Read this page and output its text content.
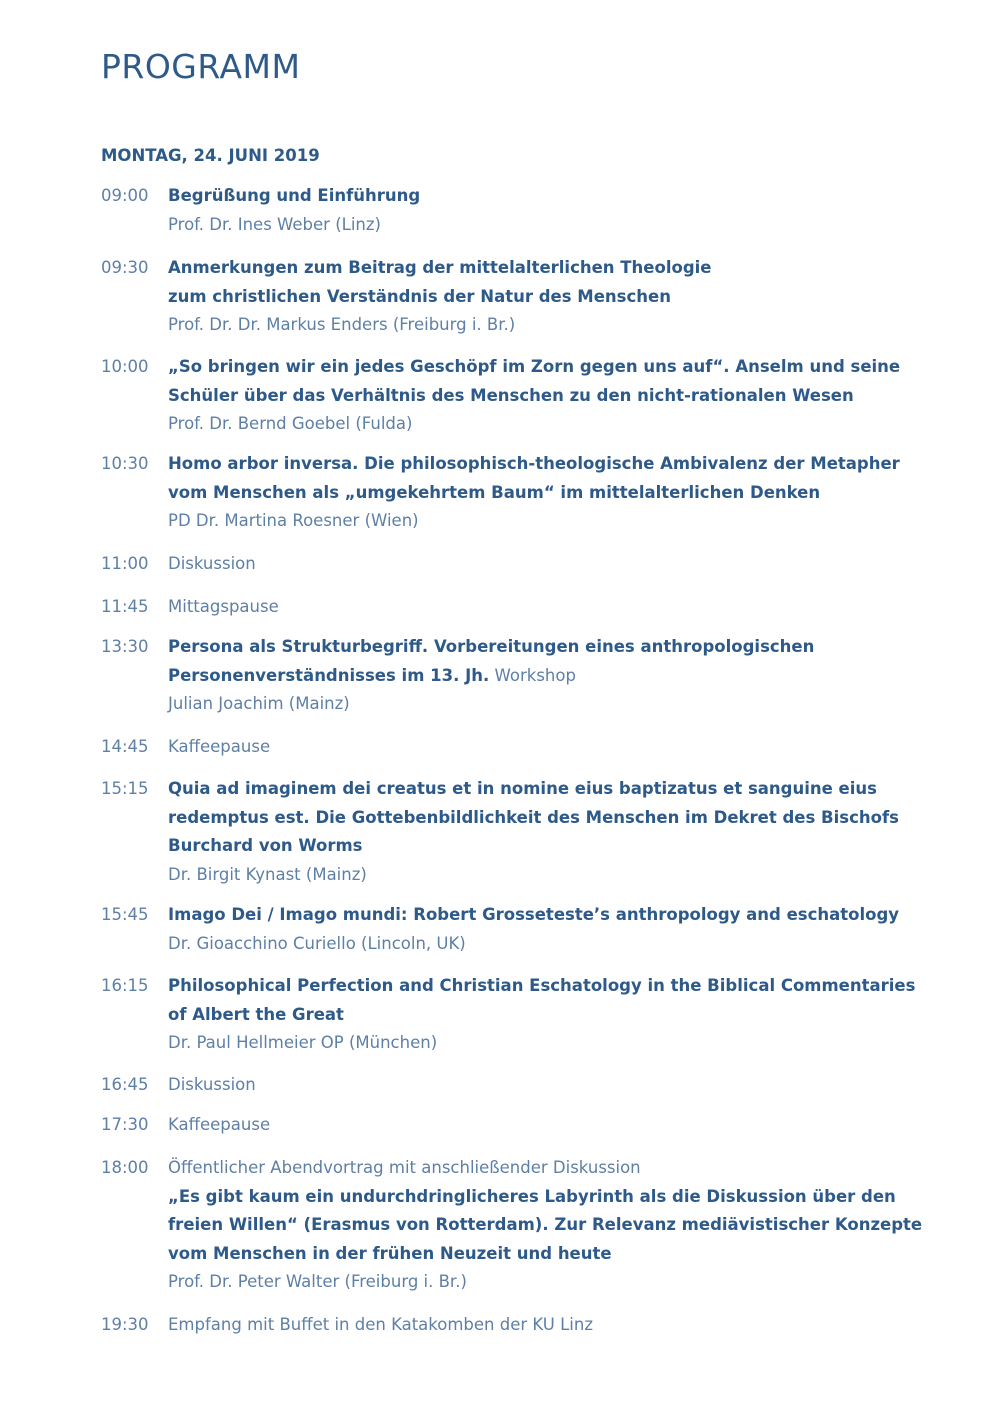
PROGRAMM
MONTAG, 24. JUNI 2019
09:00	Begrüßung und Einführung
Prof. Dr. Ines Weber (Linz)
09:30	Anmerkungen zum Beitrag der mittelalterlichen Theologie
zum christlichen Verständnis der Natur des Menschen
Prof. Dr. Dr. Markus Enders (Freiburg i. Br.)
10:00	„So bringen wir ein jedes Geschöpf im Zorn gegen uns auf“. Anselm und seine
Schüler über das Verhältnis des Menschen zu den nicht-rationalen Wesen
Prof. Dr. Bernd Goebel (Fulda)
10:30	Homo arbor inversa. Die philosophisch-theologische Ambivalenz der Metapher
vom Menschen als „umgekehrtem Baum“ im mittelalterlichen Denken
PD Dr. Martina Roesner (Wien)
11:00	Diskussion
11:45	Mittagspause
13:30	Persona als Strukturbegriff. Vorbereitungen eines anthropologischen
Personenverständnisses im 13. Jh. Workshop
Julian Joachim (Mainz)
14:45	Kaffeepause
15:15	Quia ad imaginem dei creatus et in nomine eius baptizatus et sanguine eius
redemptus est. Die Gottebenbildlichkeit des Menschen im Dekret des Bischofs
Burchard von Worms
Dr. Birgit Kynast (Mainz)
15:45	Imago Dei / Imago mundi: Robert Grosseteste’s anthropology and eschatology
Dr. Gioacchino Curiello (Lincoln, UK)
16:15	Philosophical Perfection and Christian Eschatology in the Biblical Commentaries
of Albert the Great
Dr. Paul Hellmeier OP (München)
16:45	Diskussion
17:30	Kaffeepause
18:00	Öffentlicher Abendvortrag mit anschließender Diskussion
„Es gibt kaum ein undurchdringlicheres Labyrinth als die Diskussion über den
freien Willen“ (Erasmus von Rotterdam). Zur Relevanz mediävistischer Konzepte
vom Menschen in der frühen Neuzeit und heute
Prof. Dr. Peter Walter (Freiburg i. Br.)
19:30	Empfang mit Buffet in den Katakomben der KU Linz
